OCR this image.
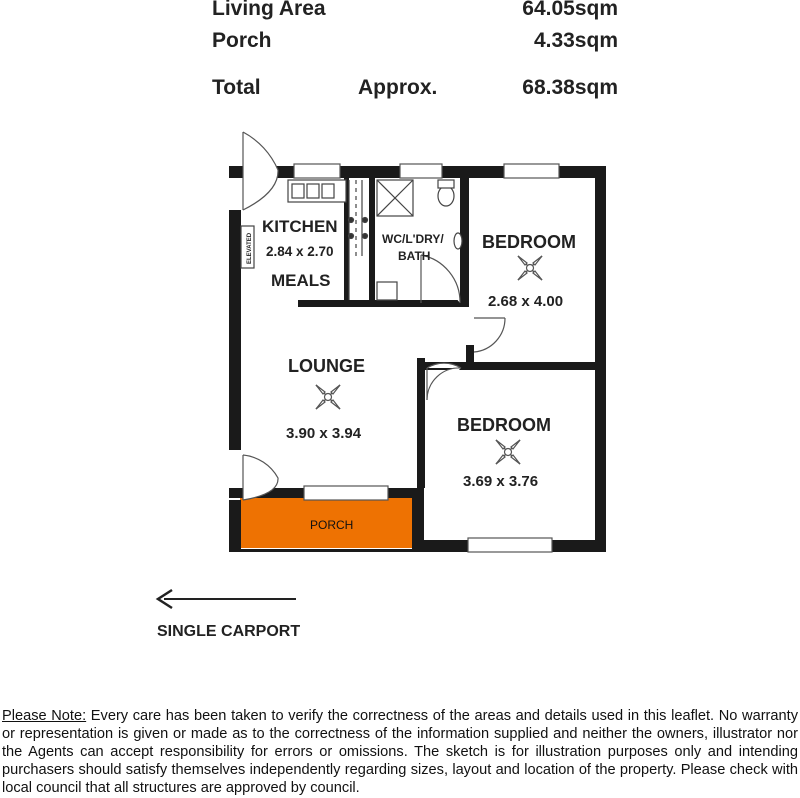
Living Area	64.05sqm
Porch	4.33sqm
Total	Approx.	68.38sqm
KITCHEN
2.84 x 2.70
MEALS
ELEVATED	WC/L'DRY/
BATH
BEDROOM
2.68 x 4.00
LOUNGE
3.90 x 3.94	BEDROOM
3.69 x 3.76
PORCH
SINGLE CARPORT
Please Note: Every care has been taken to verify the correctness of the areas and details used in this leaflet. No warranty or representation is given or made as to the correctness of the information supplied and neither the owners, illustrator nor the Agents can accept responsibility for errors or omissions. The sketch is for illustration purposes only and intending purchasers should satisfy themselves independently regarding sizes, layout and location of the property. Please check with local council that all structures are approved by council.
